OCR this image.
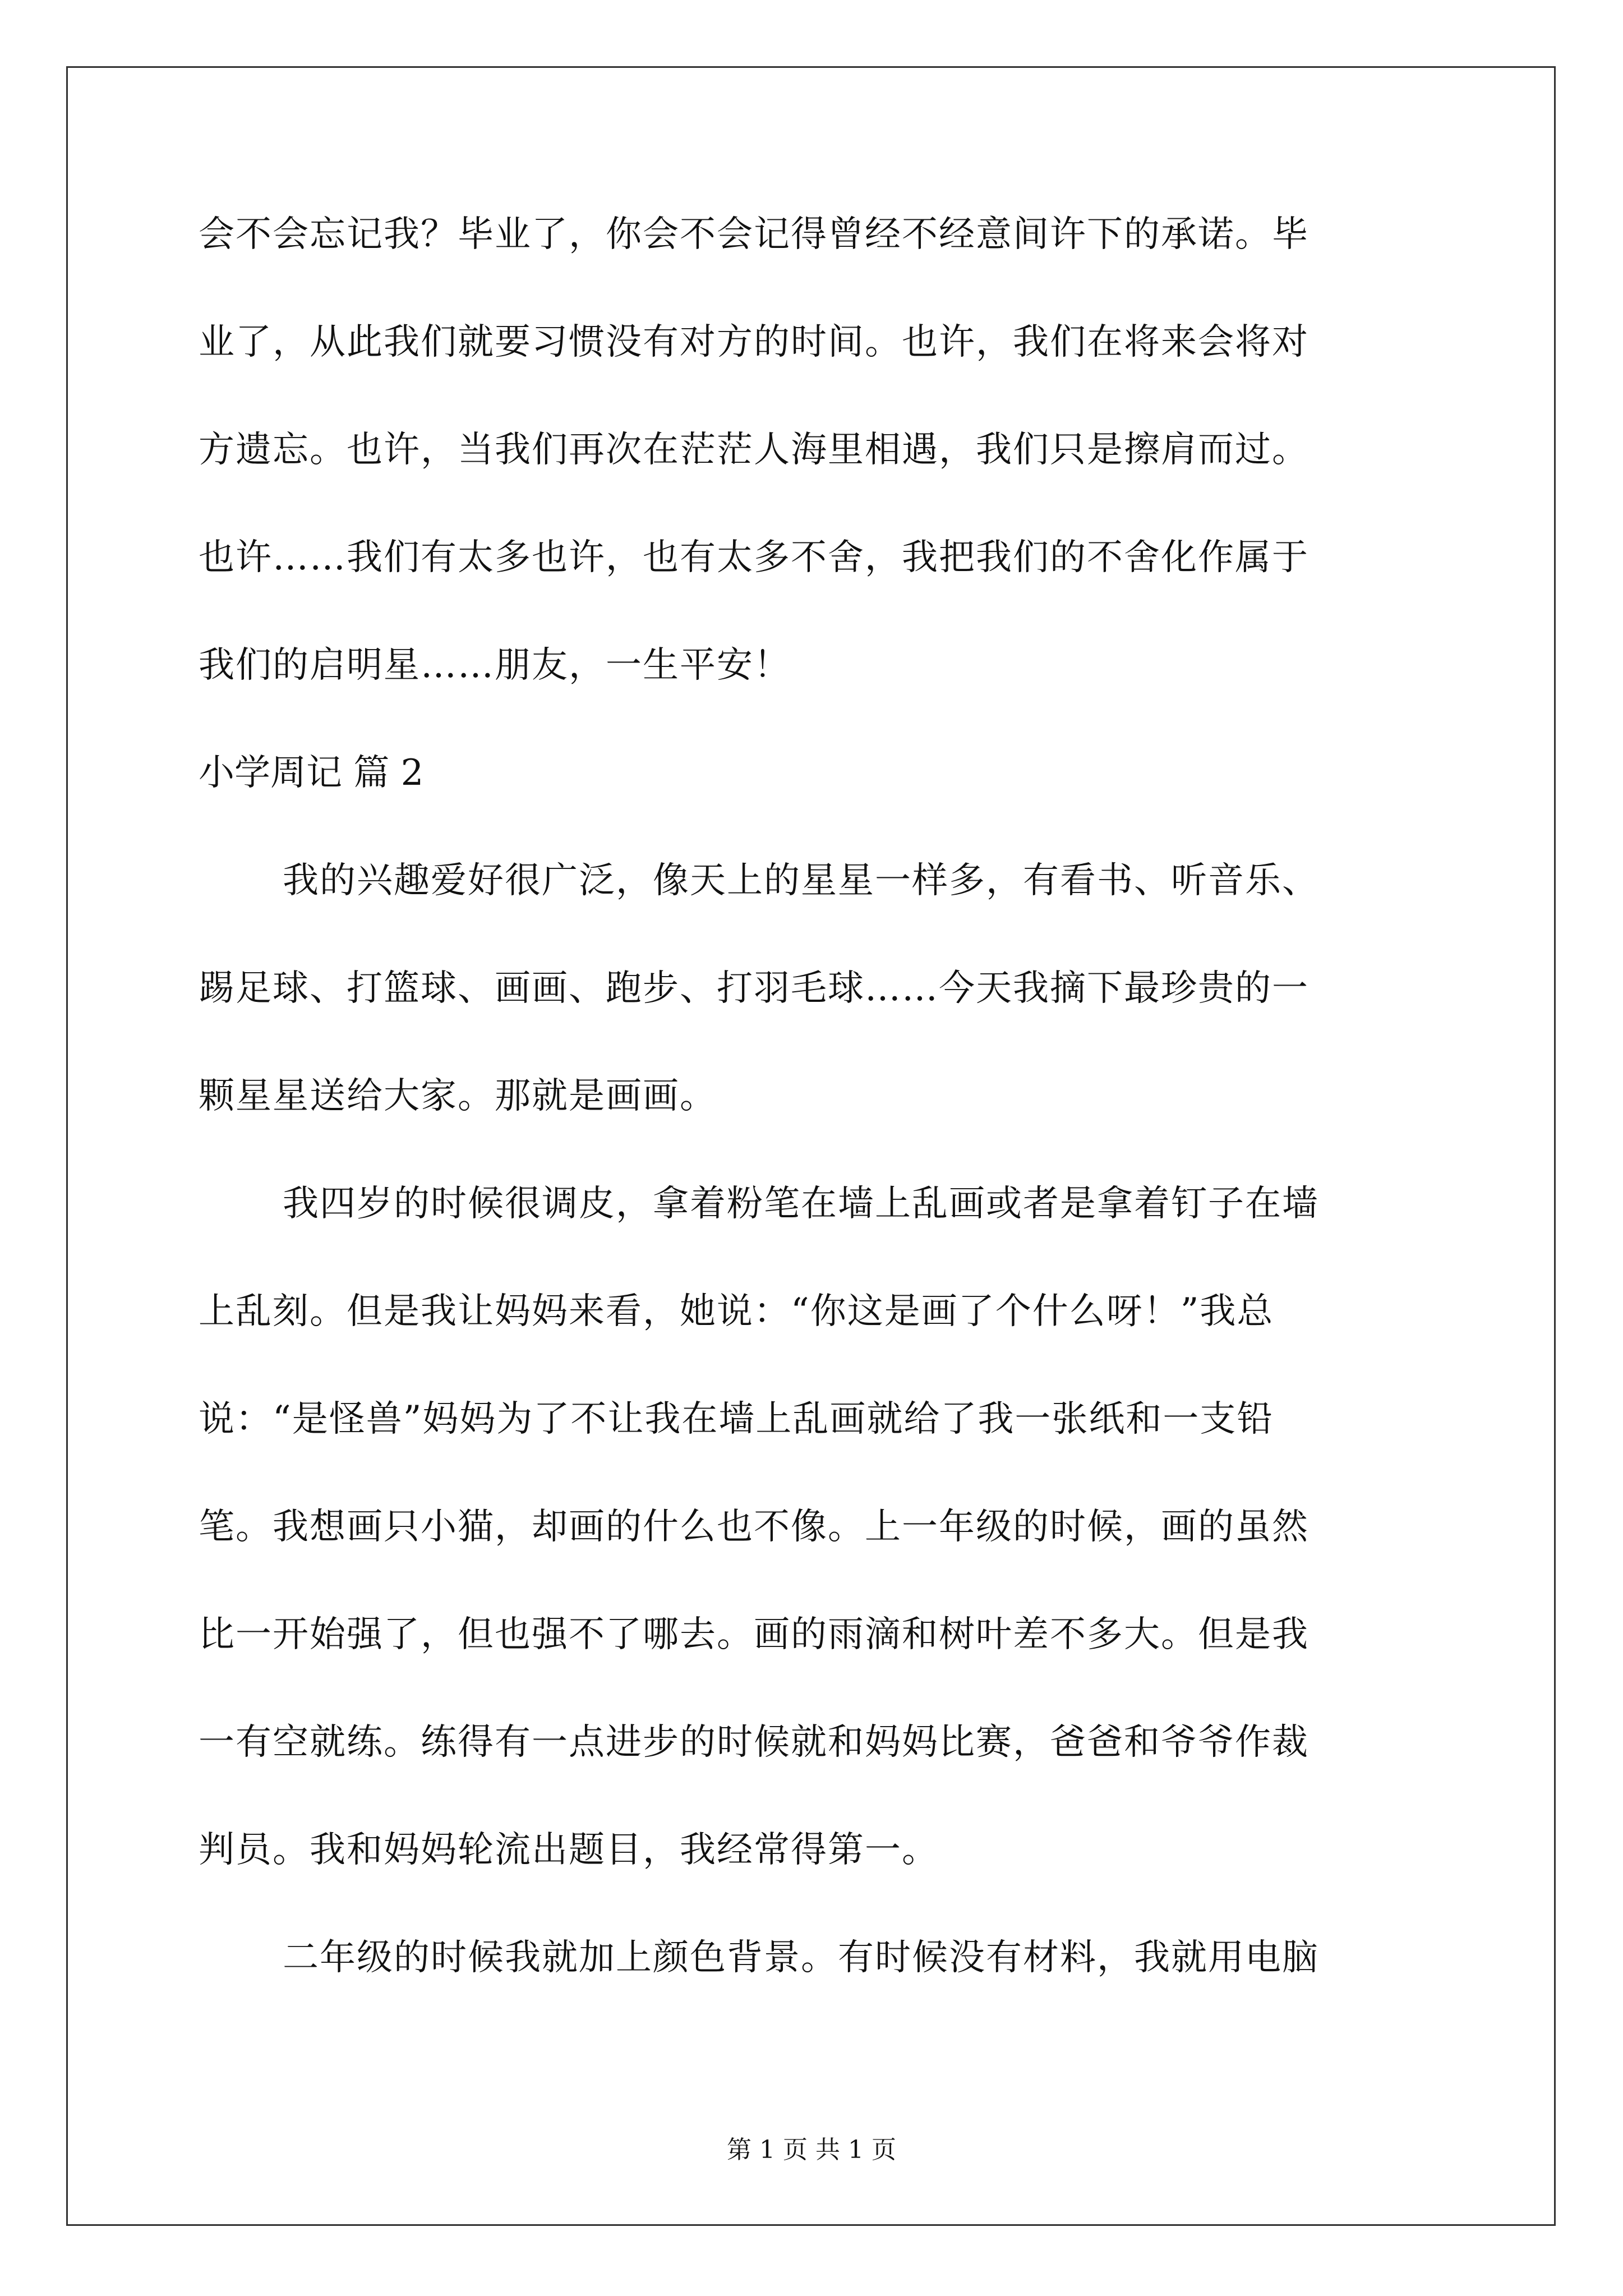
会不会忘记我？毕业了，你会不会记得曾经不经意间许下的承诺。毕
业了，从此我们就要习惯没有对方的时间。也许，我们在将来会将对
方遗忘。也许，当我们再次在茫茫人海里相遇，我们只是擦肩而过。
也许……我们有太多也许，也有太多不舍，我把我们的不舍化作属于
我们的启明星……朋友，一生平安！
小学周记 篇 2
我的兴趣爱好很广泛，像天上的星星一样多，有看书、听音乐、
踢足球、打篮球、画画、跑步、打羽毛球……今天我摘下最珍贵的一
颗星星送给大家。那就是画画。
我四岁的时候很调皮，拿着粉笔在墙上乱画或者是拿着钉子在墙
上乱刻。但是我让妈妈来看，她说：“你这是画了个什么呀！”我总
说：“是怪兽”妈妈为了不让我在墙上乱画就给了我一张纸和一支铅
笔。我想画只小猫，却画的什么也不像。上一年级的时候，画的虽然
比一开始强了，但也强不了哪去。画的雨滴和树叶差不多大。但是我
一有空就练。练得有一点进步的时候就和妈妈比赛，爸爸和爷爷作裁
判员。我和妈妈轮流出题目，我经常得第一。
二年级的时候我就加上颜色背景。有时候没有材料，我就用电脑
第 1 页 共 1 页
